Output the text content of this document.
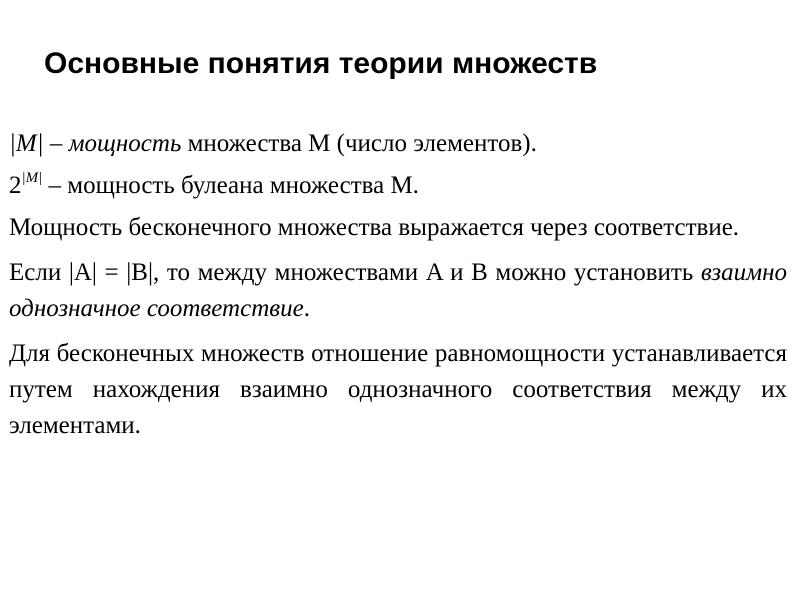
Основные понятия теории множеств

|M| – мощность множества M (число элементов).

$2^{|M|}$ – мощность булеана множества M.

Мощность бесконечного множества выражается через соответствие.

Если |A| = |B|, то между множествами A и B можно установить взаимно однозначное соответствие.

Для бесконечных множеств отношение равномощности устанавливается путем нахождения взаимно однозначного соответствия между их элементами.
